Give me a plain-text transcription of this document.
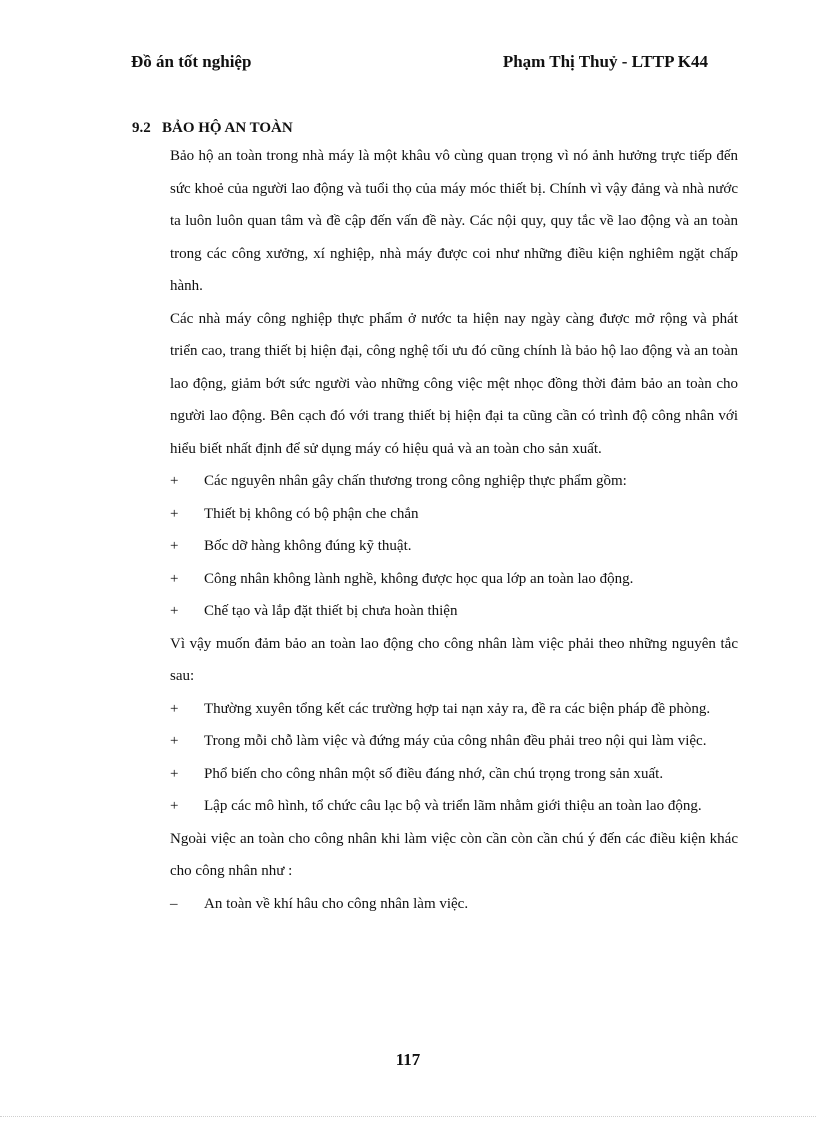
Đồ án tốt nghiệp	Phạm Thị Thuỷ - LTTP K44
9.2 BẢO HỘ AN TOÀN

Bảo hộ an toàn trong nhà máy là một khâu vô cùng quan trọng vì nó ảnh hưởng trực tiếp đến sức khoẻ của người lao động và tuổi thọ của máy móc thiết bị. Chính vì vậy đảng và nhà nước ta luôn luôn quan tâm và đề cập đến vấn đề này. Các nội quy, quy tắc về lao động và an toàn trong các công xưởng, xí nghiệp, nhà máy được coi như những điều kiện nghiêm ngặt chấp hành.

Các nhà máy công nghiệp thực phẩm ở nước ta hiện nay ngày càng được mở rộng và phát triển cao, trang thiết bị hiện đại, công nghệ tối ưu đó cũng chính là bảo hộ lao động và an toàn lao động, giảm bớt sức người vào những công việc mệt nhọc đồng thời đảm bảo an toàn cho người lao động. Bên cạch đó với trang thiết bị hiện đại ta cũng cần có trình độ công nhân với hiểu biết nhất định để sử dụng máy có hiệu quả và an toàn cho sản xuất.

+	Các nguyên nhân gây chấn thương trong công nghiệp thực phẩm gồm:
+	Thiết bị không có bộ phận che chắn
+	Bốc dỡ hàng không đúng kỹ thuật.
+	Công nhân không lành nghề, không được học qua lớp an toàn lao động.
+	Chế tạo và lắp đặt thiết bị chưa hoàn thiện

Vì vậy muốn đảm bảo an toàn lao động cho công nhân làm việc phải theo những nguyên tắc sau:

+	Thường xuyên tổng kết các trường hợp tai nạn xảy ra, đề ra các biện pháp đề phòng.
+	Trong mỗi chỗ làm việc và đứng máy của công nhân đều phải treo nội qui làm việc.
+	Phổ biến cho công nhân một số điều đáng nhớ, cần chú trọng trong sản xuất.
+	Lập các mô hình, tổ chức câu lạc bộ và triển lãm nhằm giới thiệu an toàn lao động.

Ngoài việc an toàn cho công nhân khi làm việc còn cần còn cần chú ý đến các điều kiện khác cho công nhân như :

–	An toàn về khí hâu cho công nhân làm việc.
117
